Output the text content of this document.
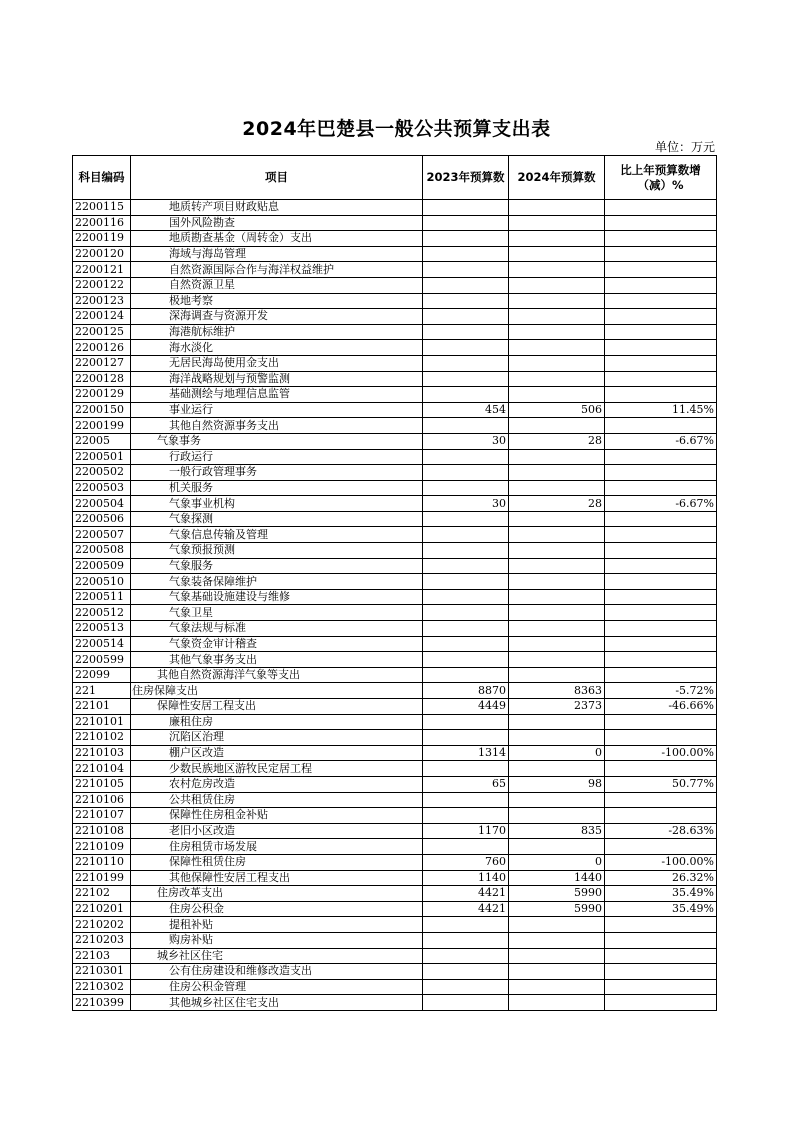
2024年巴楚县一般公共预算支出表
单位：万元
科目编码	项目	2023年预算数	2024年预算数	比上年预算数增（减）%
2200115	地质转产项目财政贴息			
2200116	国外风险勘查			
2200119	地质勘查基金（周转金）支出			
2200120	海域与海岛管理			
2200121	自然资源国际合作与海洋权益维护			
2200122	自然资源卫星			
2200123	极地考察			
2200124	深海调查与资源开发			
2200125	海港航标维护			
2200126	海水淡化			
2200127	无居民海岛使用金支出			
2200128	海洋战略规划与预警监测			
2200129	基础测绘与地理信息监管			
2200150	事业运行	454	506	11.45%
2200199	其他自然资源事务支出			
22005	气象事务	30	28	-6.67%
2200501	行政运行			
2200502	一般行政管理事务			
2200503	机关服务			
2200504	气象事业机构	30	28	-6.67%
2200506	气象探测			
2200507	气象信息传输及管理			
2200508	气象预报预测			
2200509	气象服务			
2200510	气象装备保障维护			
2200511	气象基础设施建设与维修			
2200512	气象卫星			
2200513	气象法规与标准			
2200514	气象资金审计稽查			
2200599	其他气象事务支出			
22099	其他自然资源海洋气象等支出			
221	住房保障支出	8870	8363	-5.72%
22101	保障性安居工程支出	4449	2373	-46.66%
2210101	廉租住房			
2210102	沉陷区治理			
2210103	棚户区改造	1314	0	-100.00%
2210104	少数民族地区游牧民定居工程			
2210105	农村危房改造	65	98	50.77%
2210106	公共租赁住房			
2210107	保障性住房租金补贴			
2210108	老旧小区改造	1170	835	-28.63%
2210109	住房租赁市场发展			
2210110	保障性租赁住房	760	0	-100.00%
2210199	其他保障性安居工程支出	1140	1440	26.32%
22102	住房改革支出	4421	5990	35.49%
2210201	住房公积金	4421	5990	35.49%
2210202	提租补贴			
2210203	购房补贴			
22103	城乡社区住宅			
2210301	公有住房建设和维修改造支出			
2210302	住房公积金管理			
2210399	其他城乡社区住宅支出			
